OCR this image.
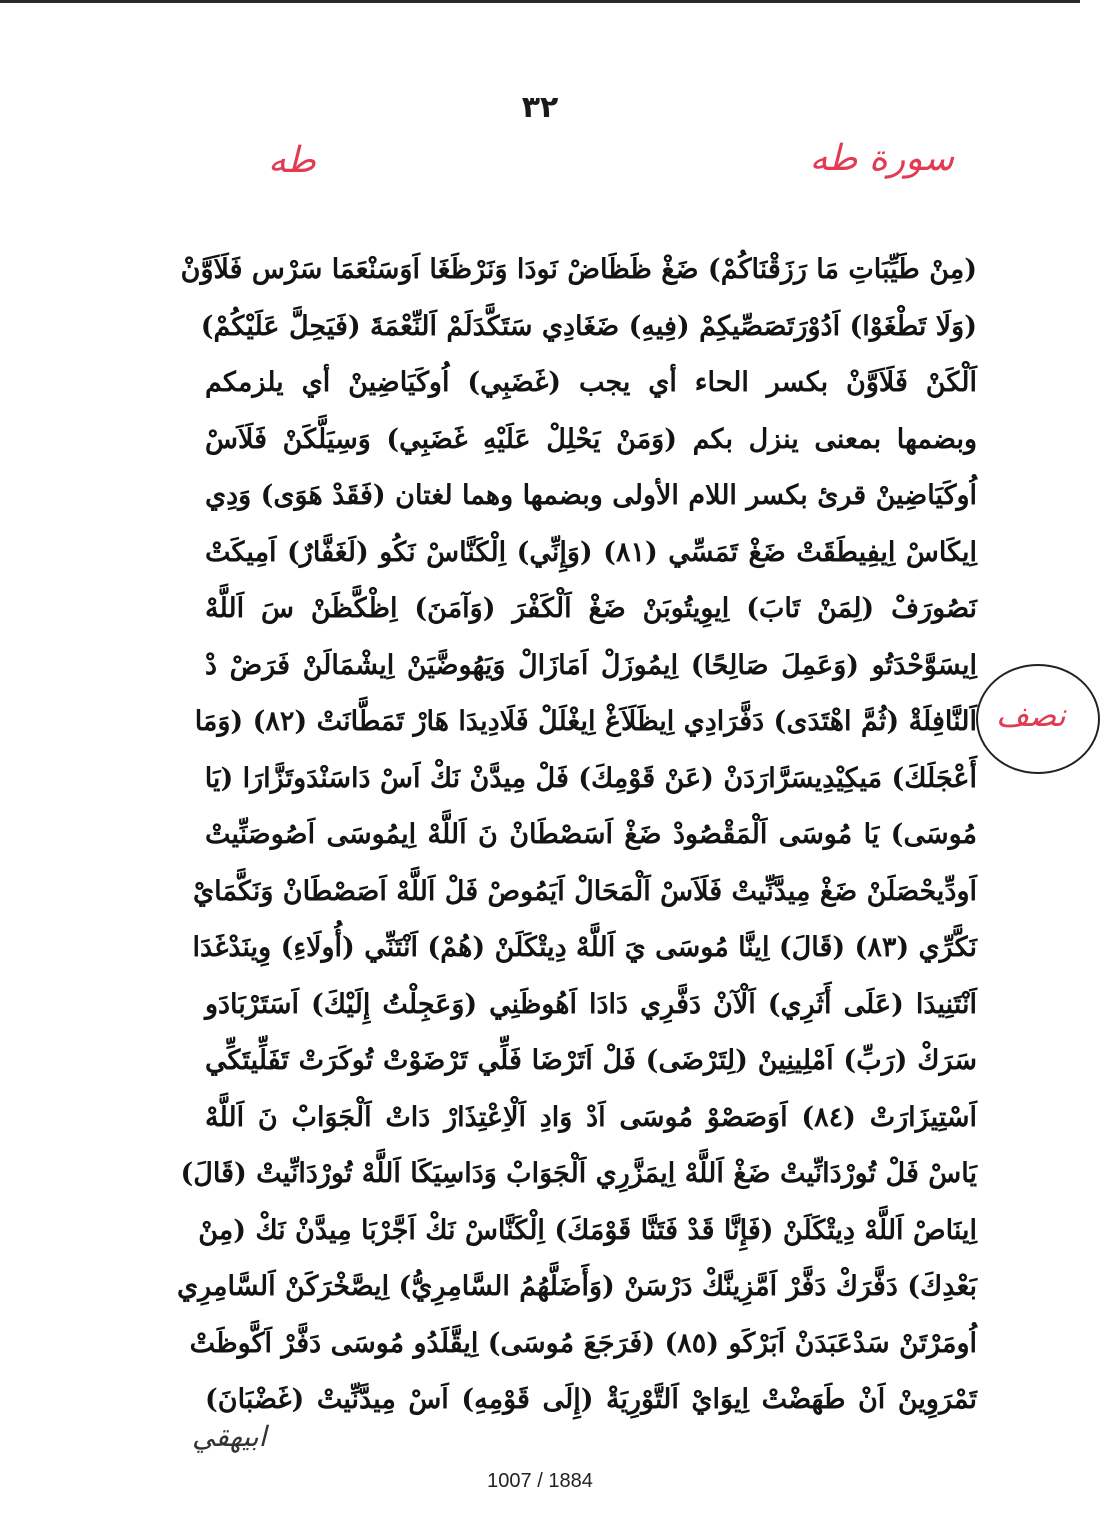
٣٢
سورة طه
طه
نصف
(مِنْ طَيِّبَاتِ مَا رَزَقْنَاكُمْ) ضَغْ ظَظَاضْ نَودَا وَنَرْظَغَا اَوَسَنْعَمَا سَرْس فَلَاَوَّنْ
(وَلَا تَطْغَوْا) اَدُوْرَتَصَصِّيكِمْ (فِيهِ) ضَغَادِي سَتَكَّدَلَمْ اَلنِّعْمَةَ (فَيَحِلَّ عَلَيْكُمْ)
اَلْكَنْ فَلَاَوَّنْ بكسر الحاء أي يجب (غَضَبِي) اُوكَيَاضِينْ أي يلزمكم
وبضمها بمعنى ينزل بكم (وَمَنْ يَحْلِلْ عَلَيْهِ غَضَبِي) وَسِيَلَّكَنْ فَلَاَسْ
اُوكَيَاضِينْ قرئ بكسر اللام الأولى وبضمها وهما لغتان (فَقَدْ هَوَى) وَدِي
اِيكَاسْ اِيفِيطَقَتْ ضَغْ تَمَسِّي (٨١) (وَإِنِّي) اِلْكَنَّاسْ نَكُو (لَغَفَّارٌ) اَمِيكَتْ
نَصُورَفْ (لِمَنْ تَابَ) اِيوِيتُوبَنْ ضَغْ اَلْكَفْرَ (وَآمَنَ) اِظْكَّظَنْ سَ اَللَّهْ
اِيسَوَّحْدَتُو (وَعَمِلَ صَالِحًا) اِيمُوزَلْ اَمَازَالْ وَيَهُوضَّيَنْ اِيشْمَالَنْ فَرَضْ دْ
اَلنَّافِلَةْ (ثُمَّ اهْتَدَى) دَفَّرَادِي اِيظَلَاَغْ اِيغْلَلْ فَلَادِيدَا هَارْ تَمَطَّانَتْ (٨٢) (وَمَا
أَعْجَلَكَ) مَيكِيْدِيسَرَّارَدَنْ (عَنْ قَوْمِكَ) فَلْ مِيدَّنْ نَكْ اَسْ دَاسَنْدَوتَزَّارَا (يَا
مُوسَى) يَا مُوسَى اَلْمَقْصُودْ ضَغْ اَسَصْطَانْ نَ اَللَّهْ اِيمُوسَى اَصُوصَنِّيتْ
اَودِّيحْصَلَنْ ضَغْ مِيدَّنِّيتْ فَلَاَسْ اَلْمَحَالْ اَيَمُوصْ فَلْ اَللَّهْ اَصَصْطَانْ وَنَكَّمَايْ
نَكَّرِّي (٨٣) (قَالَ) اِينَّا مُوسَى يَ اَللَّهْ دِيتْكَلَنْ (هُمْ) اَنْتَنِّي (أُولَاءِ) وِينَدْغَدَا
اَنْتَنِيدَا (عَلَى أَثَرِي) اَلْآنْ دَفَّرِي دَادَا اَهُوظَنِي (وَعَجِلْتُ إِلَيْكَ) اَسَتَرْبَادَو
سَرَكْ (رَبِّ) اَمْلِينِينْ (لِتَرْضَى) فَلْ اَتَرْضَا فَلِّي تَرْضَوْتْ تُوكَرَتْ تَفَلِّيتَكِّي
اَسْتِيزَارَتْ (٨٤) اَوَصَصْوْ مُوسَى اَدْ وَادِ اَلْاِعْتِذَارْ دَاتْ اَلْجَوَابْ نَ اَللَّهْ
يَاسْ فَلْ تُورْدَانِّيتْ ضَغْ اَللَّهْ اِيمَزَّرِي اَلْجَوَابْ وَدَاسِيَكَا اَللَّهْ تُورْدَانِّيتْ (قَالَ)
اِينَاصْ اَللَّهْ دِيتْكَلَنْ (فَإِنَّا قَدْ فَتَنَّا قَوْمَكَ) اِلْكَنَّاسْ نَكْ اَجَّرْبَا مِيدَّنْ نَكْ (مِنْ
بَعْدِكَ) دَفَّرَكْ دَفَّرْ اَمَّزِينَّكْ دَرْسَنْ (وَأَضَلَّهُمُ السَّامِرِيُّ) اِيصَّخْرَكَنْ اَلسَّامِرِي
اُومَرْتَنْ سَدْعَبَدَنْ اَبَرْكَو (٨٥) (فَرَجَعَ مُوسَى) اِيقَّلَدُو مُوسَى دَفَّرْ اَكَّوظَتْ
تَمْرَوِينْ اَنْ طَهَضْتْ اِيوَايْ اَلتَّوْرِيَةْ (إِلَى قَوْمِهِ) اَسْ مِيدَّنِّيتْ (غَضْبَانَ)
ابيهقي
1007 / 1884
